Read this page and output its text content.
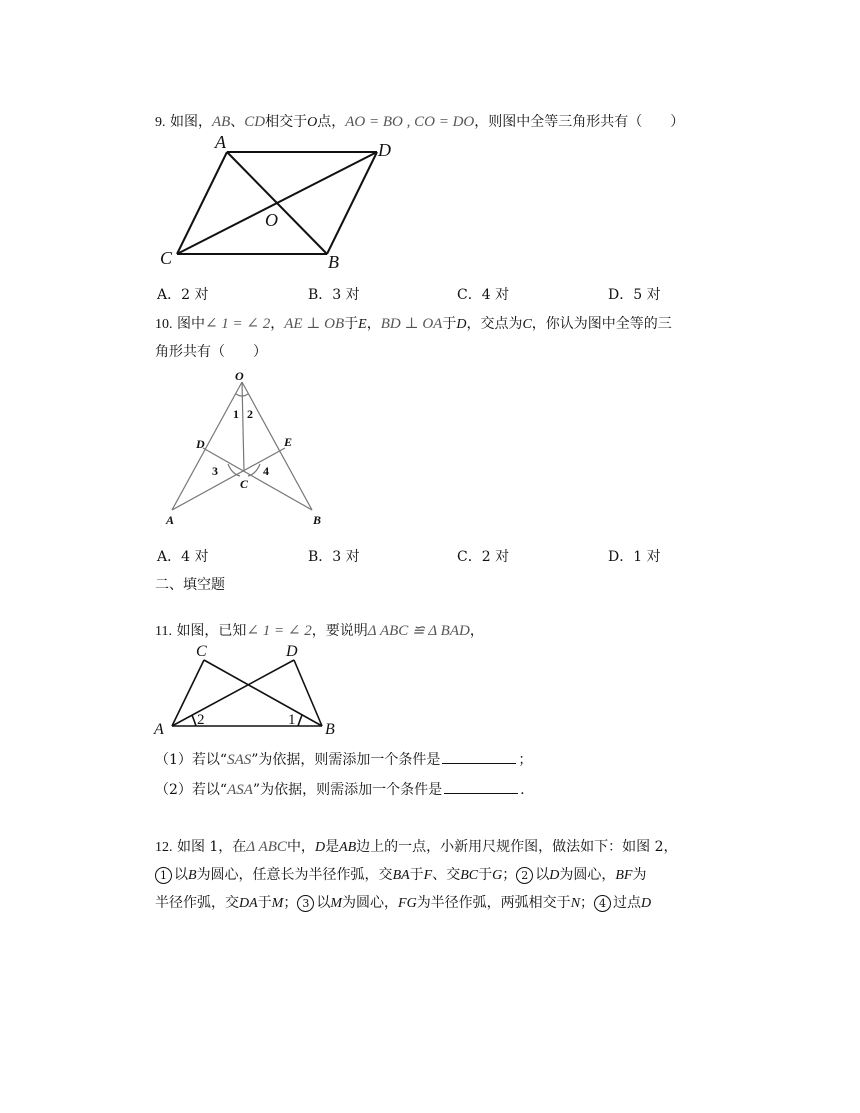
9. 如图，AB、CD相交于O点，AO = BO , CO = DO，则图中全等三角形共有（　　）
A	D
O
C	B
A．2 对	B．3 对	C．4 对	D．5 对
10. 图中∠ 1 = ∠ 2，AE ⊥ OB于E，BD ⊥ OA于D，交点为C，你认为图中全等的三
角形共有（　　）
O
D	E
C
A	B
1 2
3	4
A．4 对	B．3 对	C．2 对	D．1 对
二、填空题
11. 如图，已知∠ 1 = ∠ 2，要说明Δ ABC ≌ Δ BAD，
C	D
A	B
2	1
（1）若以“SAS”为依据，则需添加一个条件是	；
（2）若以“ASA”为依据，则需添加一个条件是	.
12. 如图 1，在Δ ABC中，D是AB边上的一点，小新用尺规作图，做法如下：如图 2，
1 以B为圆心，任意长为半径作弧，交BA于F、交BC于G； 2 以D为圆心，BF为
半径作弧，交DA于M； 3 以M为圆心，FG为半径作弧，两弧相交于N； 4 过点D
